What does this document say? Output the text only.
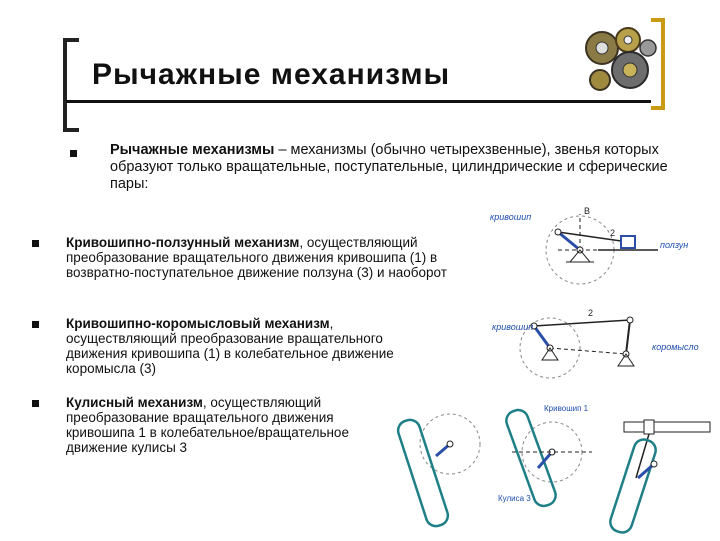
Рычажные механизмы
Рычажные механизмы – механизмы (обычно четырехзвенные), звенья которых образуют только вращательные, поступательные, цилиндрические и сферические пары:
Кривошипно-ползунный механизм, осуществляющий преобразование вращательного движения кривошипа (1) в возвратно-поступательное движение ползуна (3) и наоборот
Кривошипно-коромысловый механизм, осуществляющий преобразование вращательного движения кривошипа (1) в колебательное движение коромысла (3)
Кулисный механизм, осуществляющий преобразование вращательного движения кривошипа 1 в колебательное/вращательное движение кулисы 3
B
2
кривошип
ползун
2
кривошип
коромысло
Кривошип 1
Кулиса 3
